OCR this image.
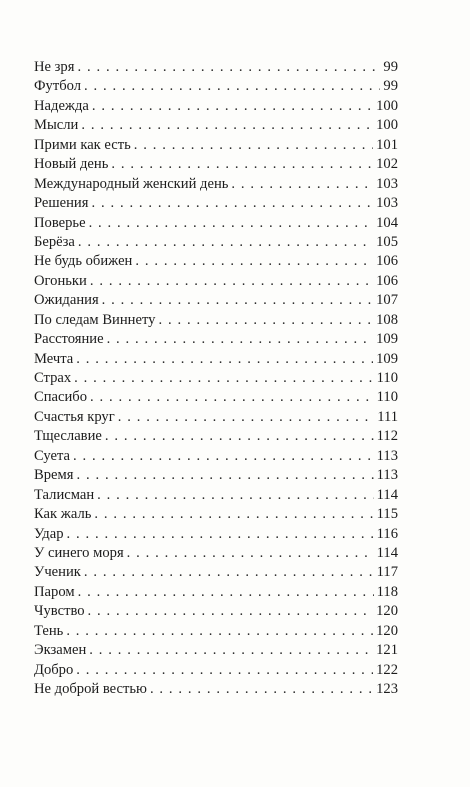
Не зря . . .	99
Футбол . . .	99
Надежда . . .	100
Мысли . . .	100
Прими как есть . . .	101
Новый день . . .	102
Международный женский день . . .	103
Решения . . .	103
Поверье . . .	104
Берёза . . .	105
Не будь обижен . . .	106
Огоньки . . .	106
Ожидания . . .	107
По следам Виннету . . .	108
Расстояние . . .	109
Мечта . . .	109
Страх . . .	110
Спасибо . . .	110
Счастья круг . . .	111
Тщеславие . . .	112
Суета . . .	113
Время . . .	113
Талисман . . .	114
Как жаль . . .	115
Удар . . .	116
У синего моря . . .	114
Ученик . . .	117
Паром . . .	118
Чувство . . .	120
Тень . . .	120
Экзамен . . .	121
Добро . . .	122
Не доброй вестью . . .	123
